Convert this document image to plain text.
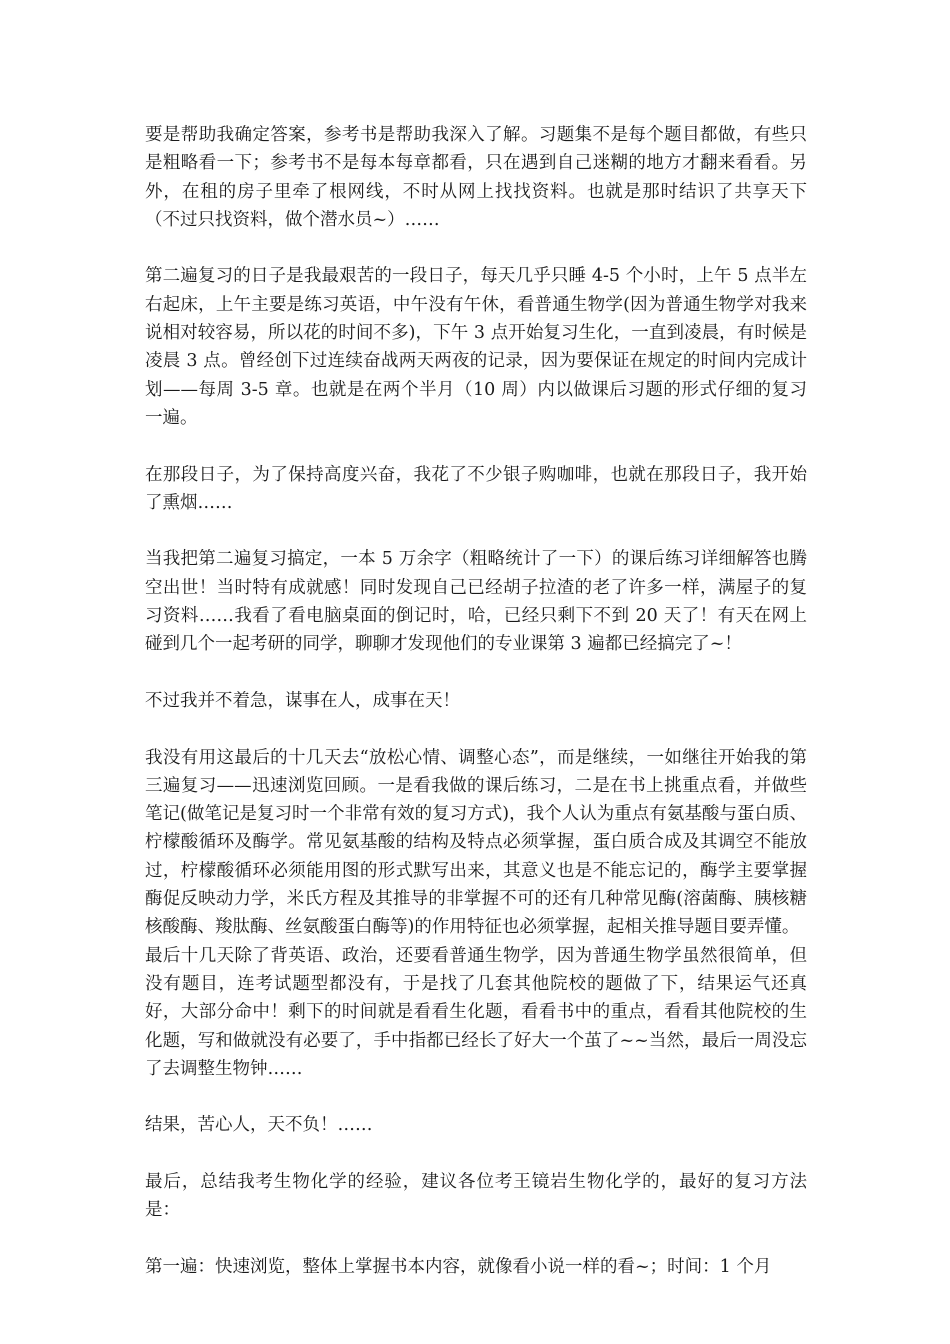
要是帮助我确定答案，参考书是帮助我深入了解。习题集不是每个题目都做，有些只是粗略看一下；参考书不是每本每章都看，只在遇到自己迷糊的地方才翻来看看。另外，在租的房子里牵了根网线，不时从网上找找资料。也就是那时结识了共享天下（不过只找资料，做个潜水员~）……

第二遍复习的日子是我最艰苦的一段日子，每天几乎只睡 4-5 个小时，上午 5 点半左右起床，上午主要是练习英语，中午没有午休，看普通生物学(因为普通生物学对我来说相对较容易，所以花的时间不多)，下午 3 点开始复习生化，一直到凌晨，有时候是凌晨 3 点。曾经创下过连续奋战两天两夜的记录，因为要保证在规定的时间内完成计划——每周 3-5 章。也就是在两个半月（10 周）内以做课后习题的形式仔细的复习一遍。

在那段日子，为了保持高度兴奋，我花了不少银子购咖啡，也就在那段日子，我开始了熏烟……

当我把第二遍复习搞定，一本 5 万余字（粗略统计了一下）的课后练习详细解答也腾空出世！当时特有成就感！同时发现自己已经胡子拉渣的老了许多一样，满屋子的复习资料……我看了看电脑桌面的倒记时，哈，已经只剩下不到 20 天了！有天在网上碰到几个一起考研的同学，聊聊才发现他们的专业课第 3 遍都已经搞完了~！

不过我并不着急，谋事在人，成事在天！

我没有用这最后的十几天去“放松心情、调整心态”，而是继续，一如继往开始我的第三遍复习——迅速浏览回顾。一是看我做的课后练习，二是在书上挑重点看，并做些笔记(做笔记是复习时一个非常有效的复习方式)，我个人认为重点有氨基酸与蛋白质、柠檬酸循环及酶学。常见氨基酸的结构及特点必须掌握，蛋白质合成及其调空不能放过，柠檬酸循环必须能用图的形式默写出来，其意义也是不能忘记的，酶学主要掌握酶促反映动力学，米氏方程及其推导的非掌握不可的还有几种常见酶(溶菌酶、胰核糖核酸酶、羧肽酶、丝氨酸蛋白酶等)的作用特征也必须掌握，起相关推导题目要弄懂。

最后十几天除了背英语、政治，还要看普通生物学，因为普通生物学虽然很简单，但没有题目，连考试题型都没有，于是找了几套其他院校的题做了下，结果运气还真好，大部分命中！剩下的时间就是看看生化题，看看书中的重点，看看其他院校的生化题，写和做就没有必要了，手中指都已经长了好大一个茧了~~当然，最后一周没忘了去调整生物钟……

结果，苦心人，天不负！……

最后，总结我考生物化学的经验，建议各位考王镜岩生物化学的，最好的复习方法是：

第一遍：快速浏览，整体上掌握书本内容，就像看小说一样的看~；时间：1 个月
